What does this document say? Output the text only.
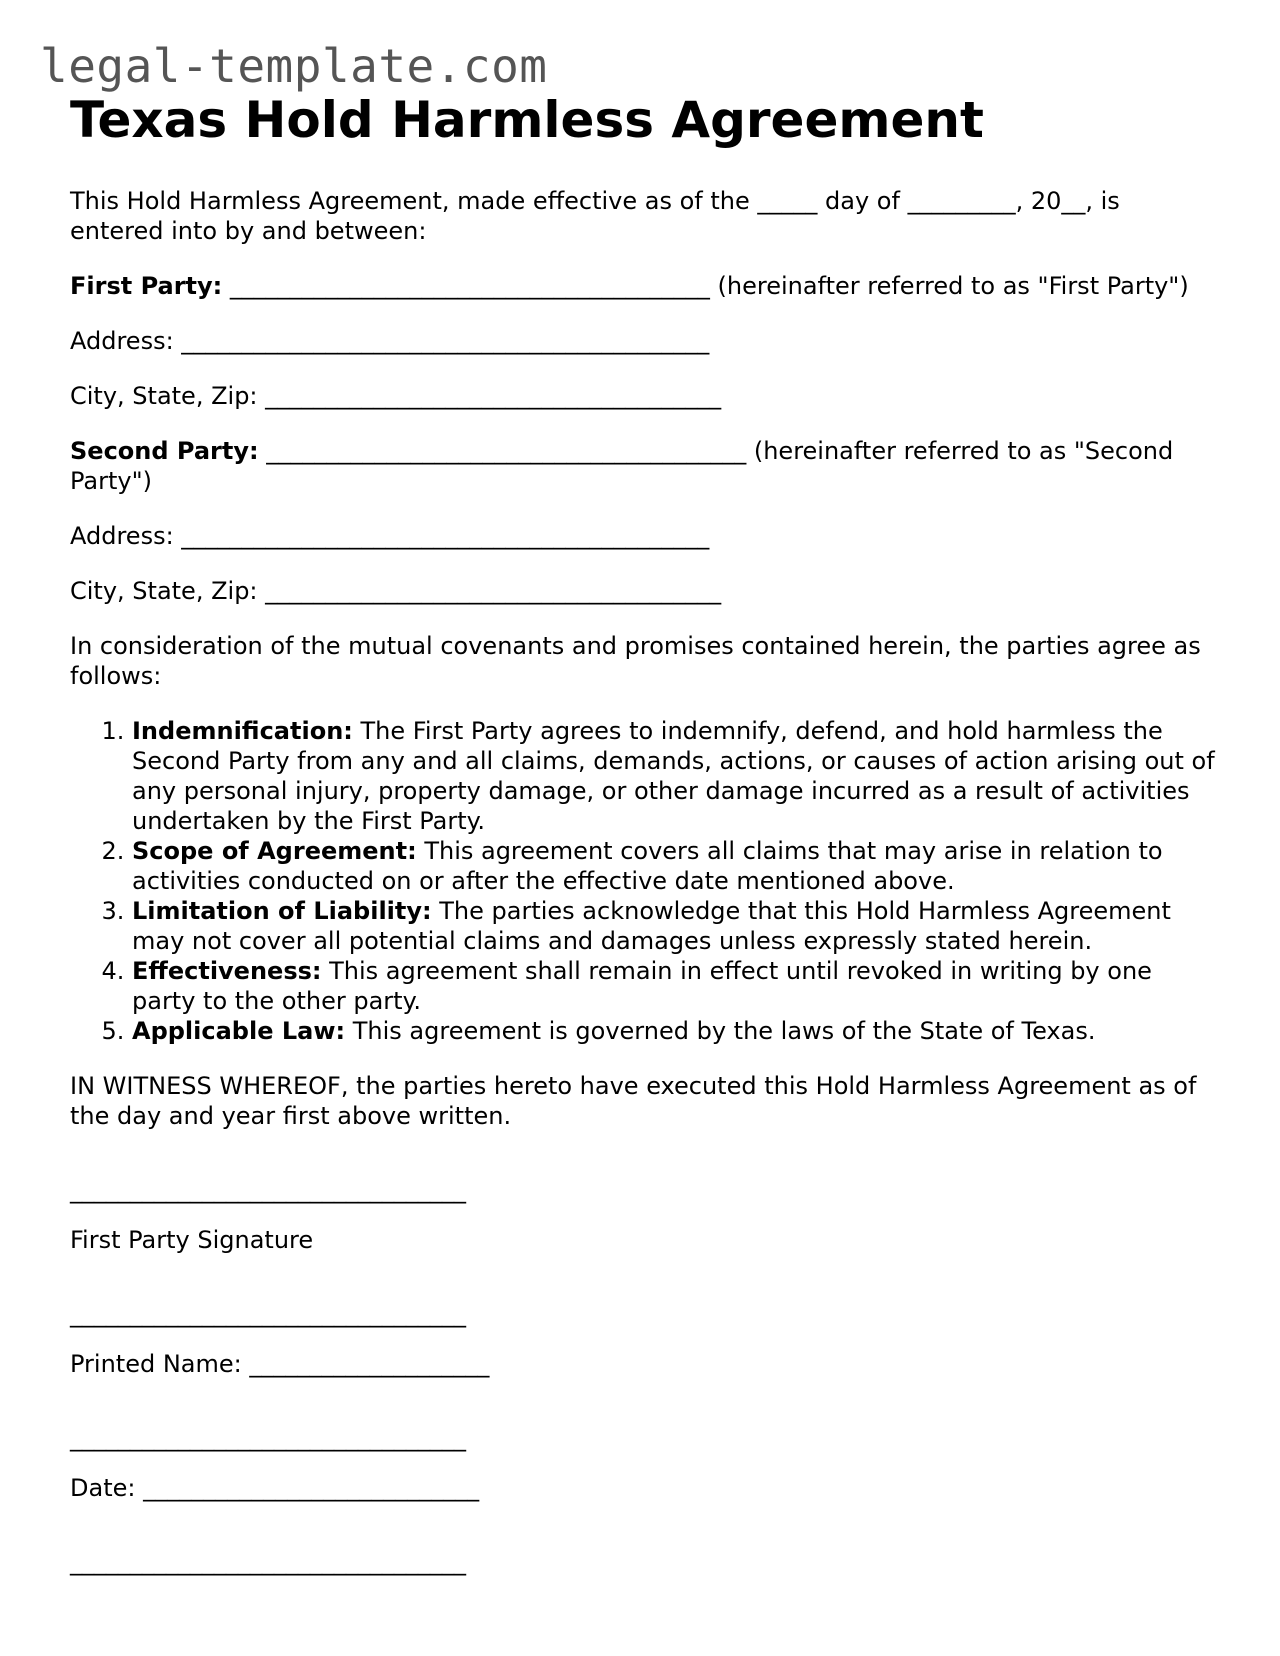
legal-template.com
Texas Hold Harmless Agreement

This Hold Harmless Agreement, made effective as of the _____ day of _________, 20__, is entered into by and between:

First Party: ________________________________________ (hereinafter referred to as "First Party")

Address: ____________________________________________

City, State, Zip: ______________________________________

Second Party: ________________________________________ (hereinafter referred to as "Second Party")

Address: ____________________________________________

City, State, Zip: ______________________________________

In consideration of the mutual covenants and promises contained herein, the parties agree as follows:

1. Indemnification: The First Party agrees to indemnify, defend, and hold harmless the Second Party from any and all claims, demands, actions, or causes of action arising out of any personal injury, property damage, or other damage incurred as a result of activities undertaken by the First Party.
2. Scope of Agreement: This agreement covers all claims that may arise in relation to activities conducted on or after the effective date mentioned above.
3. Limitation of Liability: The parties acknowledge that this Hold Harmless Agreement may not cover all potential claims and damages unless expressly stated herein.
4. Effectiveness: This agreement shall remain in effect until revoked in writing by one party to the other party.
5. Applicable Law: This agreement is governed by the laws of the State of Texas.

IN WITNESS WHEREOF, the parties hereto have executed this Hold Harmless Agreement as of the day and year first above written.

_________________________________
First Party Signature
_________________________________
Printed Name: ____________________
_________________________________
Date: ____________________________
_________________________________
